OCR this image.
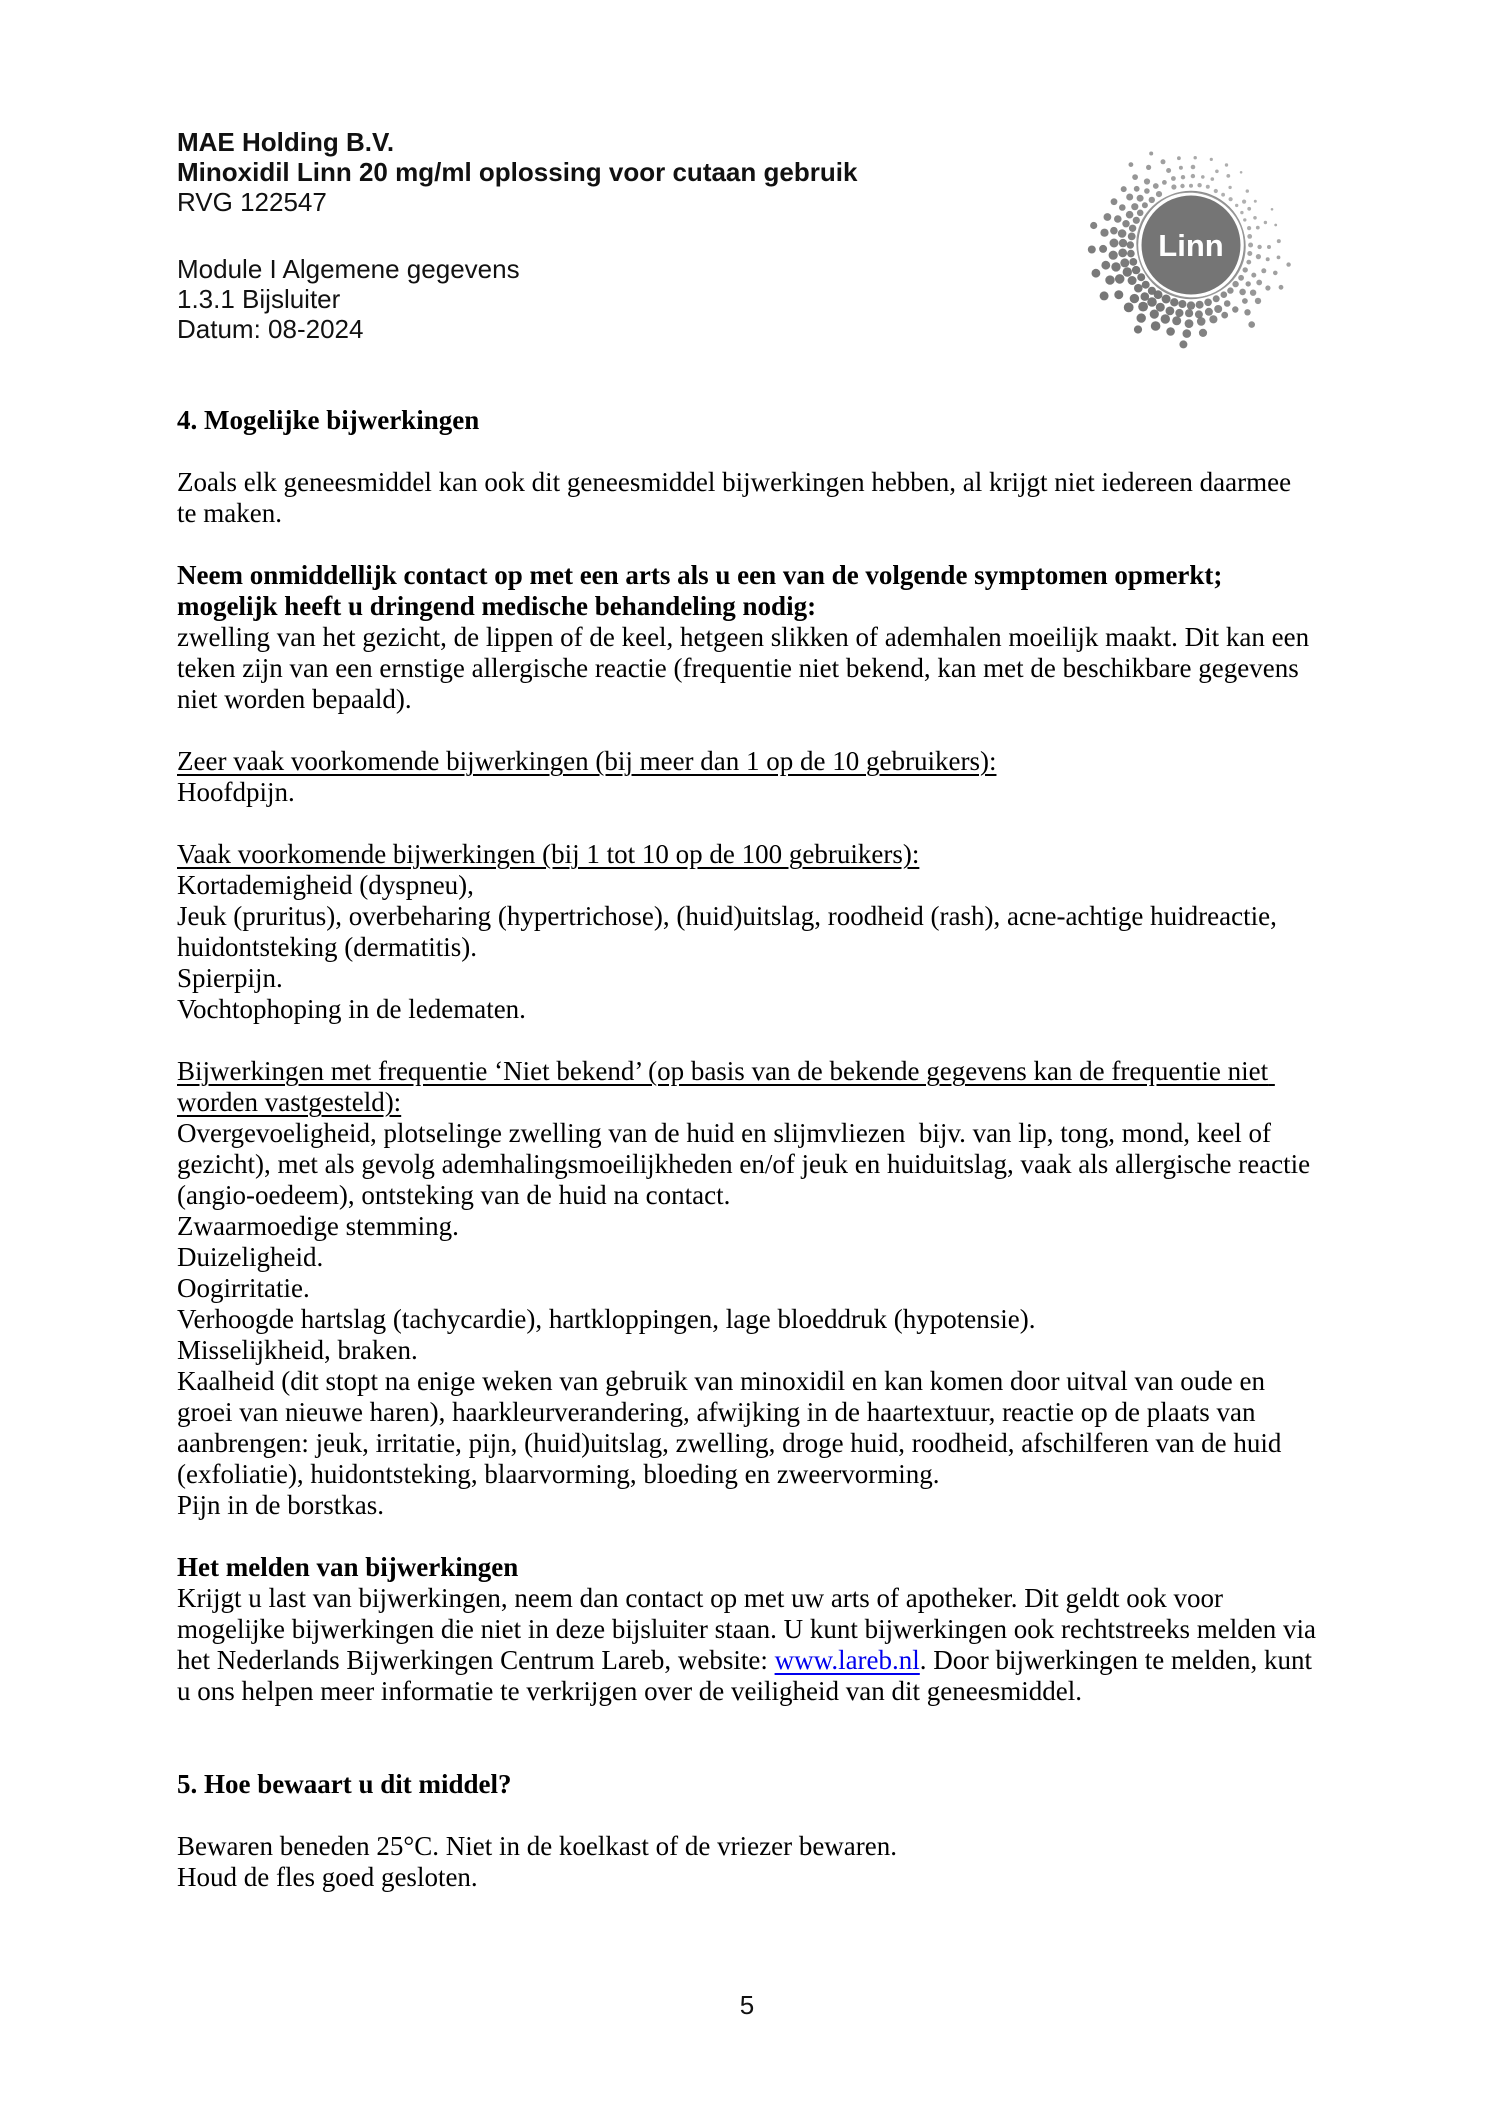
MAE Holding B.V.
Minoxidil Linn 20 mg/ml oplossing voor cutaan gebruik
RVG 122547
Module I Algemene gegevens
1.3.1 Bijsluiter
Datum: 08-2024
Linn

4. Mogelijke bijwerkingen

Zoals elk geneesmiddel kan ook dit geneesmiddel bijwerkingen hebben, al krijgt niet iedereen daarmee te maken.

Neem onmiddellijk contact op met een arts als u een van de volgende symptomen opmerkt; mogelijk heeft u dringend medische behandeling nodig:

zwelling van het gezicht, de lippen of de keel, hetgeen slikken of ademhalen moeilijk maakt. Dit kan een teken zijn van een ernstige allergische reactie (frequentie niet bekend, kan met de beschikbare gegevens niet worden bepaald).

Zeer vaak voorkomende bijwerkingen (bij meer dan 1 op de 10 gebruikers):

Hoofdpijn.

Vaak voorkomende bijwerkingen (bij 1 tot 10 op de 100 gebruikers):

Kortademigheid (dyspneu),

Jeuk (pruritus), overbeharing (hypertrichose), (huid)uitslag, roodheid (rash), acne-achtige huidreactie, huidontsteking (dermatitis).

Spierpijn.

Vochtophoping in de ledematen.

Bijwerkingen met frequentie ‘Niet bekend’ (op basis van de bekende gegevens kan de frequentie niet worden vastgesteld):

Overgevoeligheid, plotselinge zwelling van de huid en slijmvliezen  bijv. van lip, tong, mond, keel of gezicht), met als gevolg ademhalingsmoeilijkheden en/of jeuk en huiduitslag, vaak als allergische reactie (angio-oedeem), ontsteking van de huid na contact.

Zwaarmoedige stemming.

Duizeligheid.

Oogirritatie.

Verhoogde hartslag (tachycardie), hartkloppingen, lage bloeddruk (hypotensie).

Misselijkheid, braken.

Kaalheid (dit stopt na enige weken van gebruik van minoxidil en kan komen door uitval van oude en groei van nieuwe haren), haarkleurverandering, afwijking in de haartextuur, reactie op de plaats van aanbrengen: jeuk, irritatie, pijn, (huid)uitslag, zwelling, droge huid, roodheid, afschilferen van de huid (exfoliatie), huidontsteking, blaarvorming, bloeding en zweervorming.

Pijn in de borstkas.

Het melden van bijwerkingen

Krijgt u last van bijwerkingen, neem dan contact op met uw arts of apotheker. Dit geldt ook voor mogelijke bijwerkingen die niet in deze bijsluiter staan. U kunt bijwerkingen ook rechtstreeks melden via het Nederlands Bijwerkingen Centrum Lareb, website: www.lareb.nl. Door bijwerkingen te melden, kunt u ons helpen meer informatie te verkrijgen over de veiligheid van dit geneesmiddel.

5. Hoe bewaart u dit middel?

Bewaren beneden 25°C. Niet in de koelkast of de vriezer bewaren.

Houd de fles goed gesloten.

5
